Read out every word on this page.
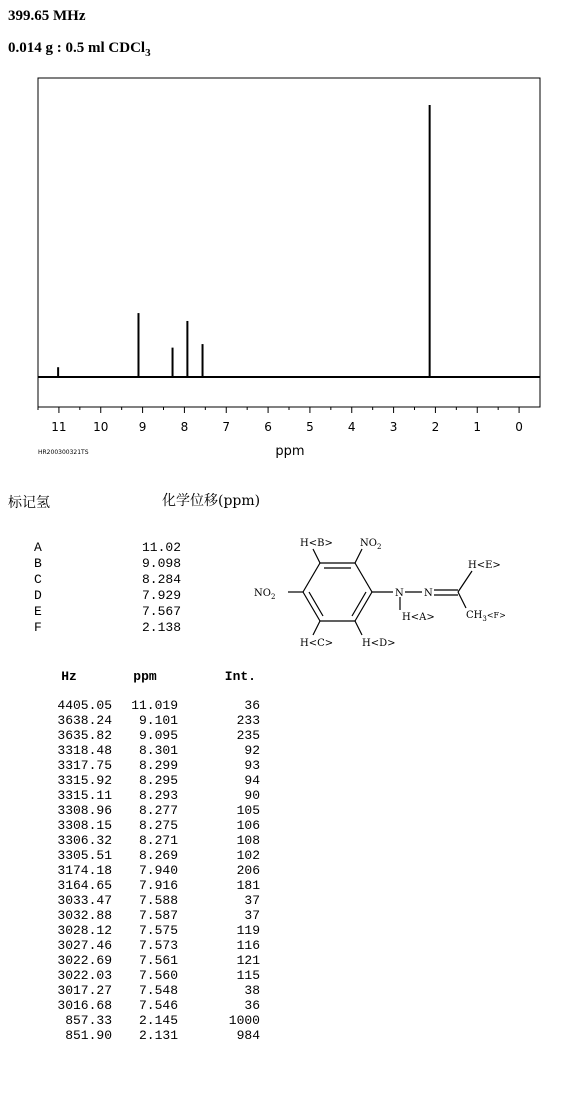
399.65 MHz
0.014 g : 0.5 ml CDCl$_3$
11 10	9	8	7	6	5	4	3	2	1	0
ppm
HR200300321TS
标记氢	化学位移(ppm)
A	11.02
B	9.098
C	8.284
D	7.929
E	7.567
F	2.138
H<B>	$NO_2$
$NO_2$	N N
H<A>
H<E>
$CH_3^{<F>}$
H<C>	H<D>
Hz	ppm	Int.

4405.05	11.019	36
3638.24	9.101	233
3635.82	9.095	235
3318.48	8.301	92
3317.75	8.299	93
3315.92	8.295	94
3315.11	8.293	90
3308.96	8.277	105
3308.15	8.275	106
3306.32	8.271	108
3305.51	8.269	102
3174.18	7.940	206
3164.65	7.916	181
3033.47	7.588	37
3032.88	7.587	37
3028.12	7.575	119
3027.46	7.573	116
3022.69	7.561	121
3022.03	7.560	115
3017.27	7.548	38
3016.68	7.546	36
857.33	2.145	1000
851.90	2.131	984
